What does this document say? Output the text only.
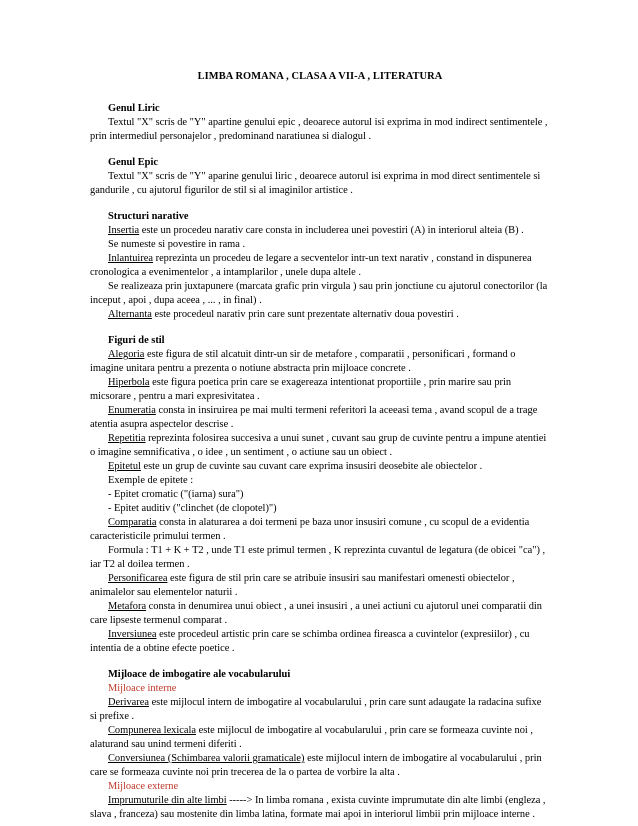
LIMBA ROMANA , CLASA A VII-A , LITERATURA

Genul Liric

Textul "X" scris de "Y" apartine genului epic , deoarece autorul isi exprima in mod indirect sentimentele , prin intermediul personajelor , predominand naratiunea si dialogul .

Genul Epic

Textul "X" scris de "Y" aparine genului liric , deoarece autorul isi exprima in mod direct sentimentele si gandurile , cu ajutorul figurilor de stil si al imaginilor artistice .

Structuri narative

Insertia este un procedeu narativ care consta in includerea unei povestiri (A) in interiorul alteia (B) .

Se numeste si povestire in rama .

Inlantuirea reprezinta un procedeu de legare a secventelor intr-un text narativ , constand in dispunerea cronologica a evenimentelor , a intamplarilor , unele dupa altele .

Se realizeaza prin juxtapunere (marcata grafic prin virgula ) sau prin jonctiune cu ajutorul conectorilor (la inceput , apoi , dupa aceea , ... , in final) .

Alternanta este procedeul narativ prin care sunt prezentate alternativ doua povestiri .

Figuri de stil

Alegoria este figura de stil alcatuit dintr-un sir de metafore , comparatii , personificari , formand o imagine unitara pentru a prezenta o notiune abstracta prin mijloace concrete .

Hiperbola este figura poetica prin care se exagereaza intentionat proportiile , prin marire sau prin micsorare , pentru a mari expresivitatea .

Enumeratia consta in insiruirea pe mai multi termeni referitori la aceeasi tema , avand scopul de a trage atentia asupra aspectelor descrise .

Repetitia reprezinta folosirea succesiva a unui sunet , cuvant sau grup de cuvinte pentru a impune atentiei o imagine semnificativa , o idee , un sentiment , o actiune sau un obiect .

Epitetul este un grup de cuvinte sau cuvant care exprima insusiri deosebite ale obiectelor .

Exemple de epitete :

- Epitet cromatic ("(iarna) sura")

- Epitet auditiv ("clinchet (de clopotel)")

Comparatia consta in alaturarea a doi termeni pe baza unor insusiri comune , cu scopul de a evidentia caracteristicile primului termen .

Formula : T1 + K + T2 , unde T1 este primul termen , K reprezinta cuvantul de legatura (de obicei "ca") , iar T2 al doilea termen .

Personificarea este figura de stil prin care se atribuie insusiri sau manifestari omenesti obiectelor , animalelor sau elementelor naturii .

Metafora consta in denumirea unui obiect , a unei insusiri , a unei actiuni cu ajutorul unei comparatii din care lipseste termenul comparat .

Inversiunea este procedeul artistic prin care se schimba ordinea fireasca a cuvintelor (expresiilor) , cu intentia de a obtine efecte poetice .

Mijloace de imbogatire ale vocabularului

Mijloace interne

Derivarea este mijlocul intern de imbogatire al vocabularului , prin care sunt adaugate la radacina sufixe si prefixe .

Compunerea lexicala este mijlocul de imbogatire al vocabularului , prin care se formeaza cuvinte noi , alaturand sau unind termeni diferiti .

Conversiunea (Schimbarea valorii gramaticale) este mijlocul intern de imbogatire al vocabularului , prin care se formeaza cuvinte noi prin trecerea de la o partea de vorbire la alta .

Mijloace externe

Imprumuturile din alte limbi -----> In limba romana , exista cuvinte imprumutate din alte limbi (engleza , slava , franceza) sau mostenite din limba latina, formate mai apoi in interiorul limbii prin mijloace interne .
